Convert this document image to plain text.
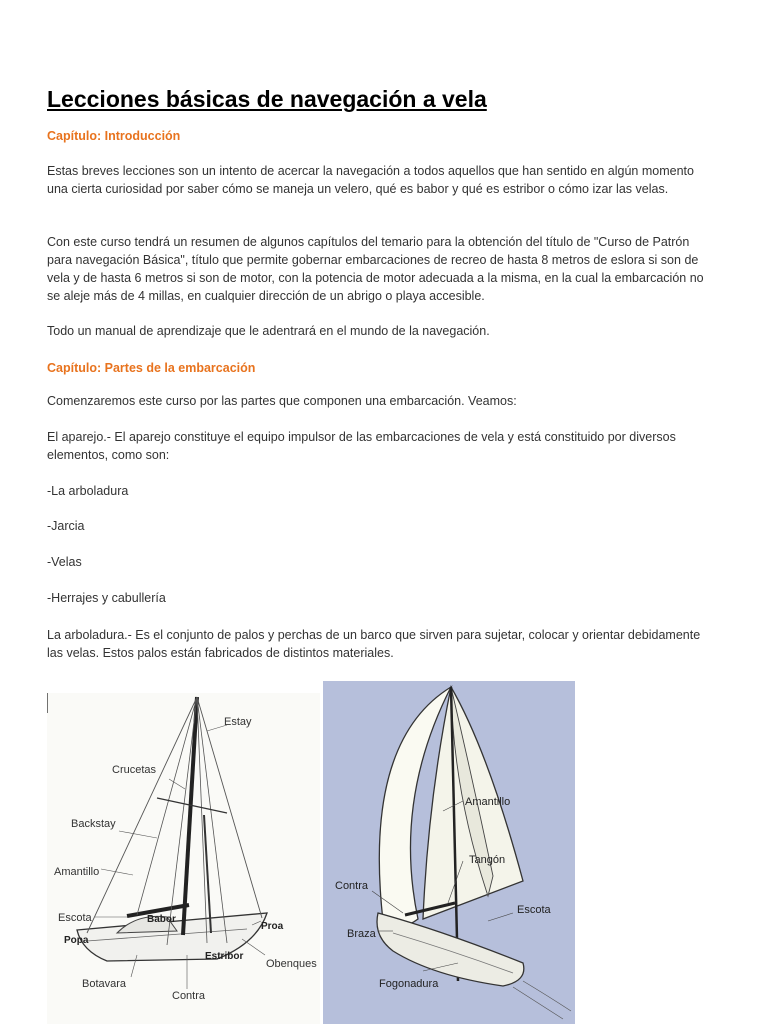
Lecciones básicas de navegación a vela

Capítulo: Introducción

Estas breves lecciones son un intento de acercar la navegación a todos aquellos que han sentido en algún momento una cierta curiosidad por saber cómo se maneja un velero, qué es babor y qué es estribor o cómo izar las velas.

Con este curso tendrá un resumen de algunos capítulos del temario para la obtención del título de "Curso de Patrón para navegación Básica", título que permite gobernar embarcaciones de recreo de hasta 8 metros de eslora si son de vela y de hasta 6 metros si son de motor, con la potencia de motor adecuada a la misma, en la cual la embarcación no se aleje más de 4 millas, en cualquier dirección de un abrigo o playa accesible.

Todo un manual de aprendizaje que le adentrará en el mundo de la navegación.

Capítulo: Partes de la embarcación

Comenzaremos este curso por las partes que componen una embarcación. Veamos:

El aparejo.- El aparejo constituye el equipo impulsor de las embarcaciones de vela y está constituido por diversos elementos, como son:

-La arboladura

-Jarcia

-Velas

-Herrajes y cabullería

La arboladura.- Es el conjunto de palos y perchas de un barco que sirven para sujetar, colocar y orientar debidamente las velas. Estos palos están fabricados de distintos materiales.

Estay
Crucetas
Backstay
Amantillo
Escota	Babor
Proa
Popa
Estribor
Obenques
Botavara
Contra
Amantillo
Tangón
Contra
Escota
Braza
Fogonadura
